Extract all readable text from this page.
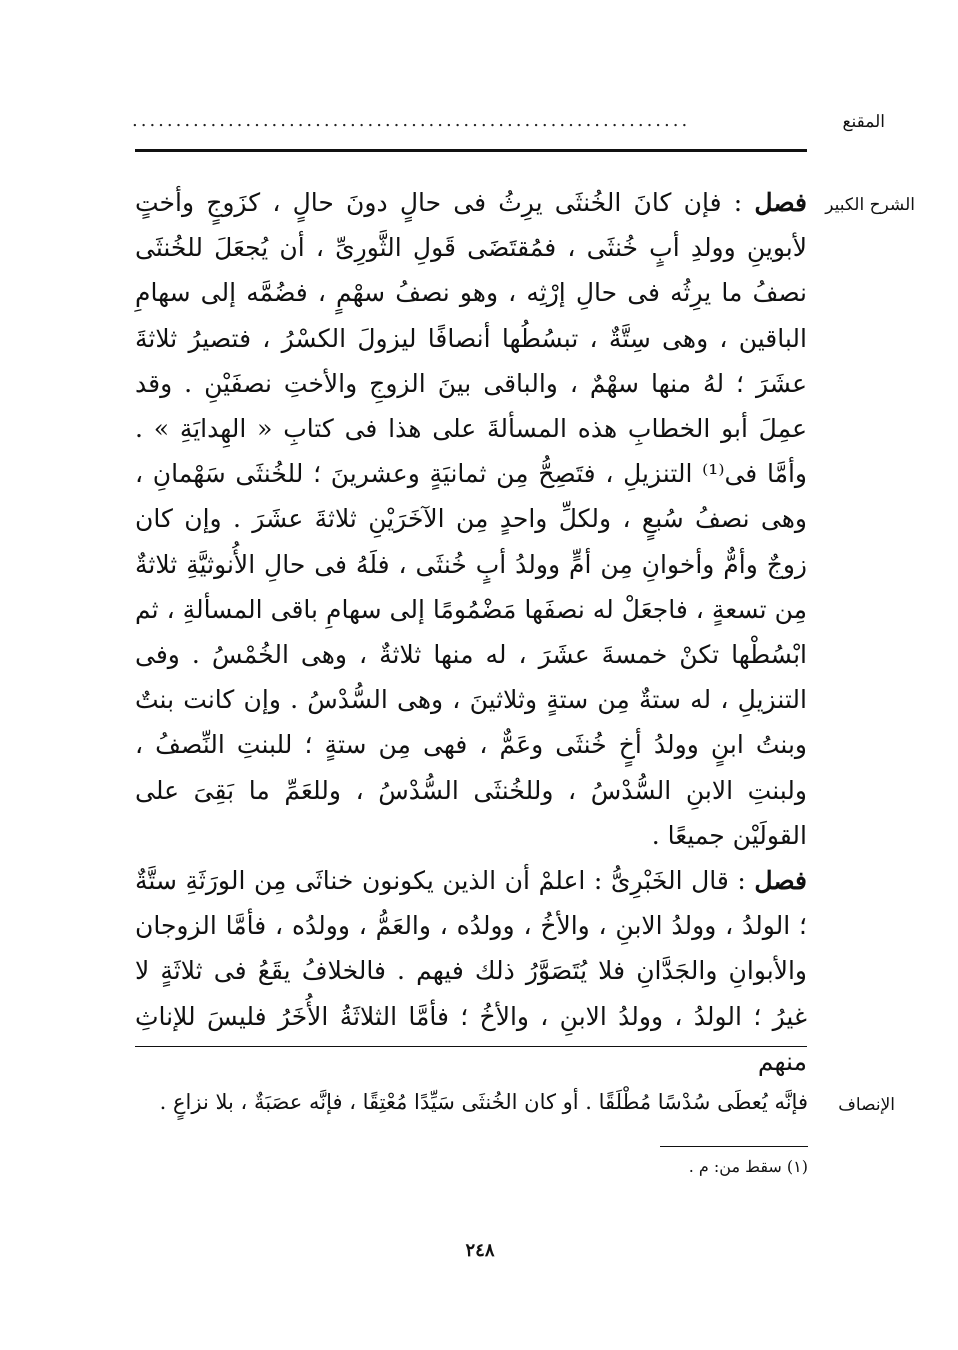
المقنع
................................................................
الشرح الكبير

فصل : فإن كانَ الخُنثَى يرِثُ فى حالٍ دونَ حالٍ ، كزَوجٍ وأختٍ لأبوينِ وولدِ أبٍ خُنثَى ، فمُقتَضَى قَولِ الثَّورِىِّ ، أن يُجعَلَ للخُنثَى نصفُ ما يرِثُه فى حالِ إرْثِه ، وهو نصفُ سهْمٍ ، فضُمَّه إلى سهامِ الباقين ، وهى سِتَّةٌ ، تبسُطُها أنصافًا ليزولَ الكسْرُ ، فتصيرُ ثلاثةَ عشَرَ ؛ لهُ منها سهْمٌ ، والباقى بينَ الزوجِ والأختِ نصفَيْنِ . وقد عمِلَ أبو الخطابِ هذه المسألةَ على هذا فى كتابِ « الهِدايَةِ » . وأمَّا فى⁽¹⁾ التنزيلِ ، فتَصِحُّ مِن ثمانيَةٍ وعشرينَ ؛ للخُنثَى سَهْمانِ ، وهى نصفُ سُبعٍ ، ولكلِّ واحدٍ مِن الآخَرَيْنِ ثلاثةَ عشَرَ . وإن كان زوجٌ وأمٌّ وأخوانِ مِن أمٍّ وولدُ أبٍ خُنثَى ، فلَهُ فى حالِ الأُنوثيَّةِ ثلاثةٌ مِن تسعةٍ ، فاجعَلْ له نصفَها مَضْمُومًا إلى سهامِ باقى المسألةِ ، ثم ابْسُطْها تكنْ خمسةَ عشَرَ ، له منها ثلاثةٌ ، وهى الخُمْسُ . وفى التنزيلِ ، له ستةٌ مِن ستةٍ وثلاثينَ ، وهى السُّدْسُ . وإن كانت بنتٌ وبنتُ ابنٍ وولدُ أخٍ خُنثَى وعَمٌّ ، فهى مِن ستةٍ ؛ للبنتِ النِّصفُ ، ولبنتِ الابنِ السُّدْسُ ، وللخُنثَى السُّدْسُ ، وللعَمِّ ما بَقِىَ على القولَيْن جميعًا .

فصل : قال الخَبْرِىُّ : اعلمْ أن الذين يكونون خناثَى مِن الورَثَةِ ستَّةٌ ؛ الولدُ ، وولدُ الابنِ ، والأخُ ، وولدُه ، والعَمُّ ، وولدُه ، فأمَّا الزوجان والأبوانِ والجَدَّانِ فلا يُتَصَوَّرُ ذلك فيهم . فالخلافُ يقَعُ فى ثلاثَةٍ لا غيرُ ؛ الولدُ ، وولدُ الابنِ ، والأخُ ؛ فأمَّا الثلاثَةُ الأُخَرُ فليسَ للإناثِ منهم

الإنصاف
فإنَّه يُعطَى سُدْسًا مُطْلَقًا . أو كان الخُنثَى سَيِّدًا مُعْتِقًا ، فإنَّه عصَبَةٌ ، بلا نزاعٍ .
(١) سقط من: م .
٢٤٨
